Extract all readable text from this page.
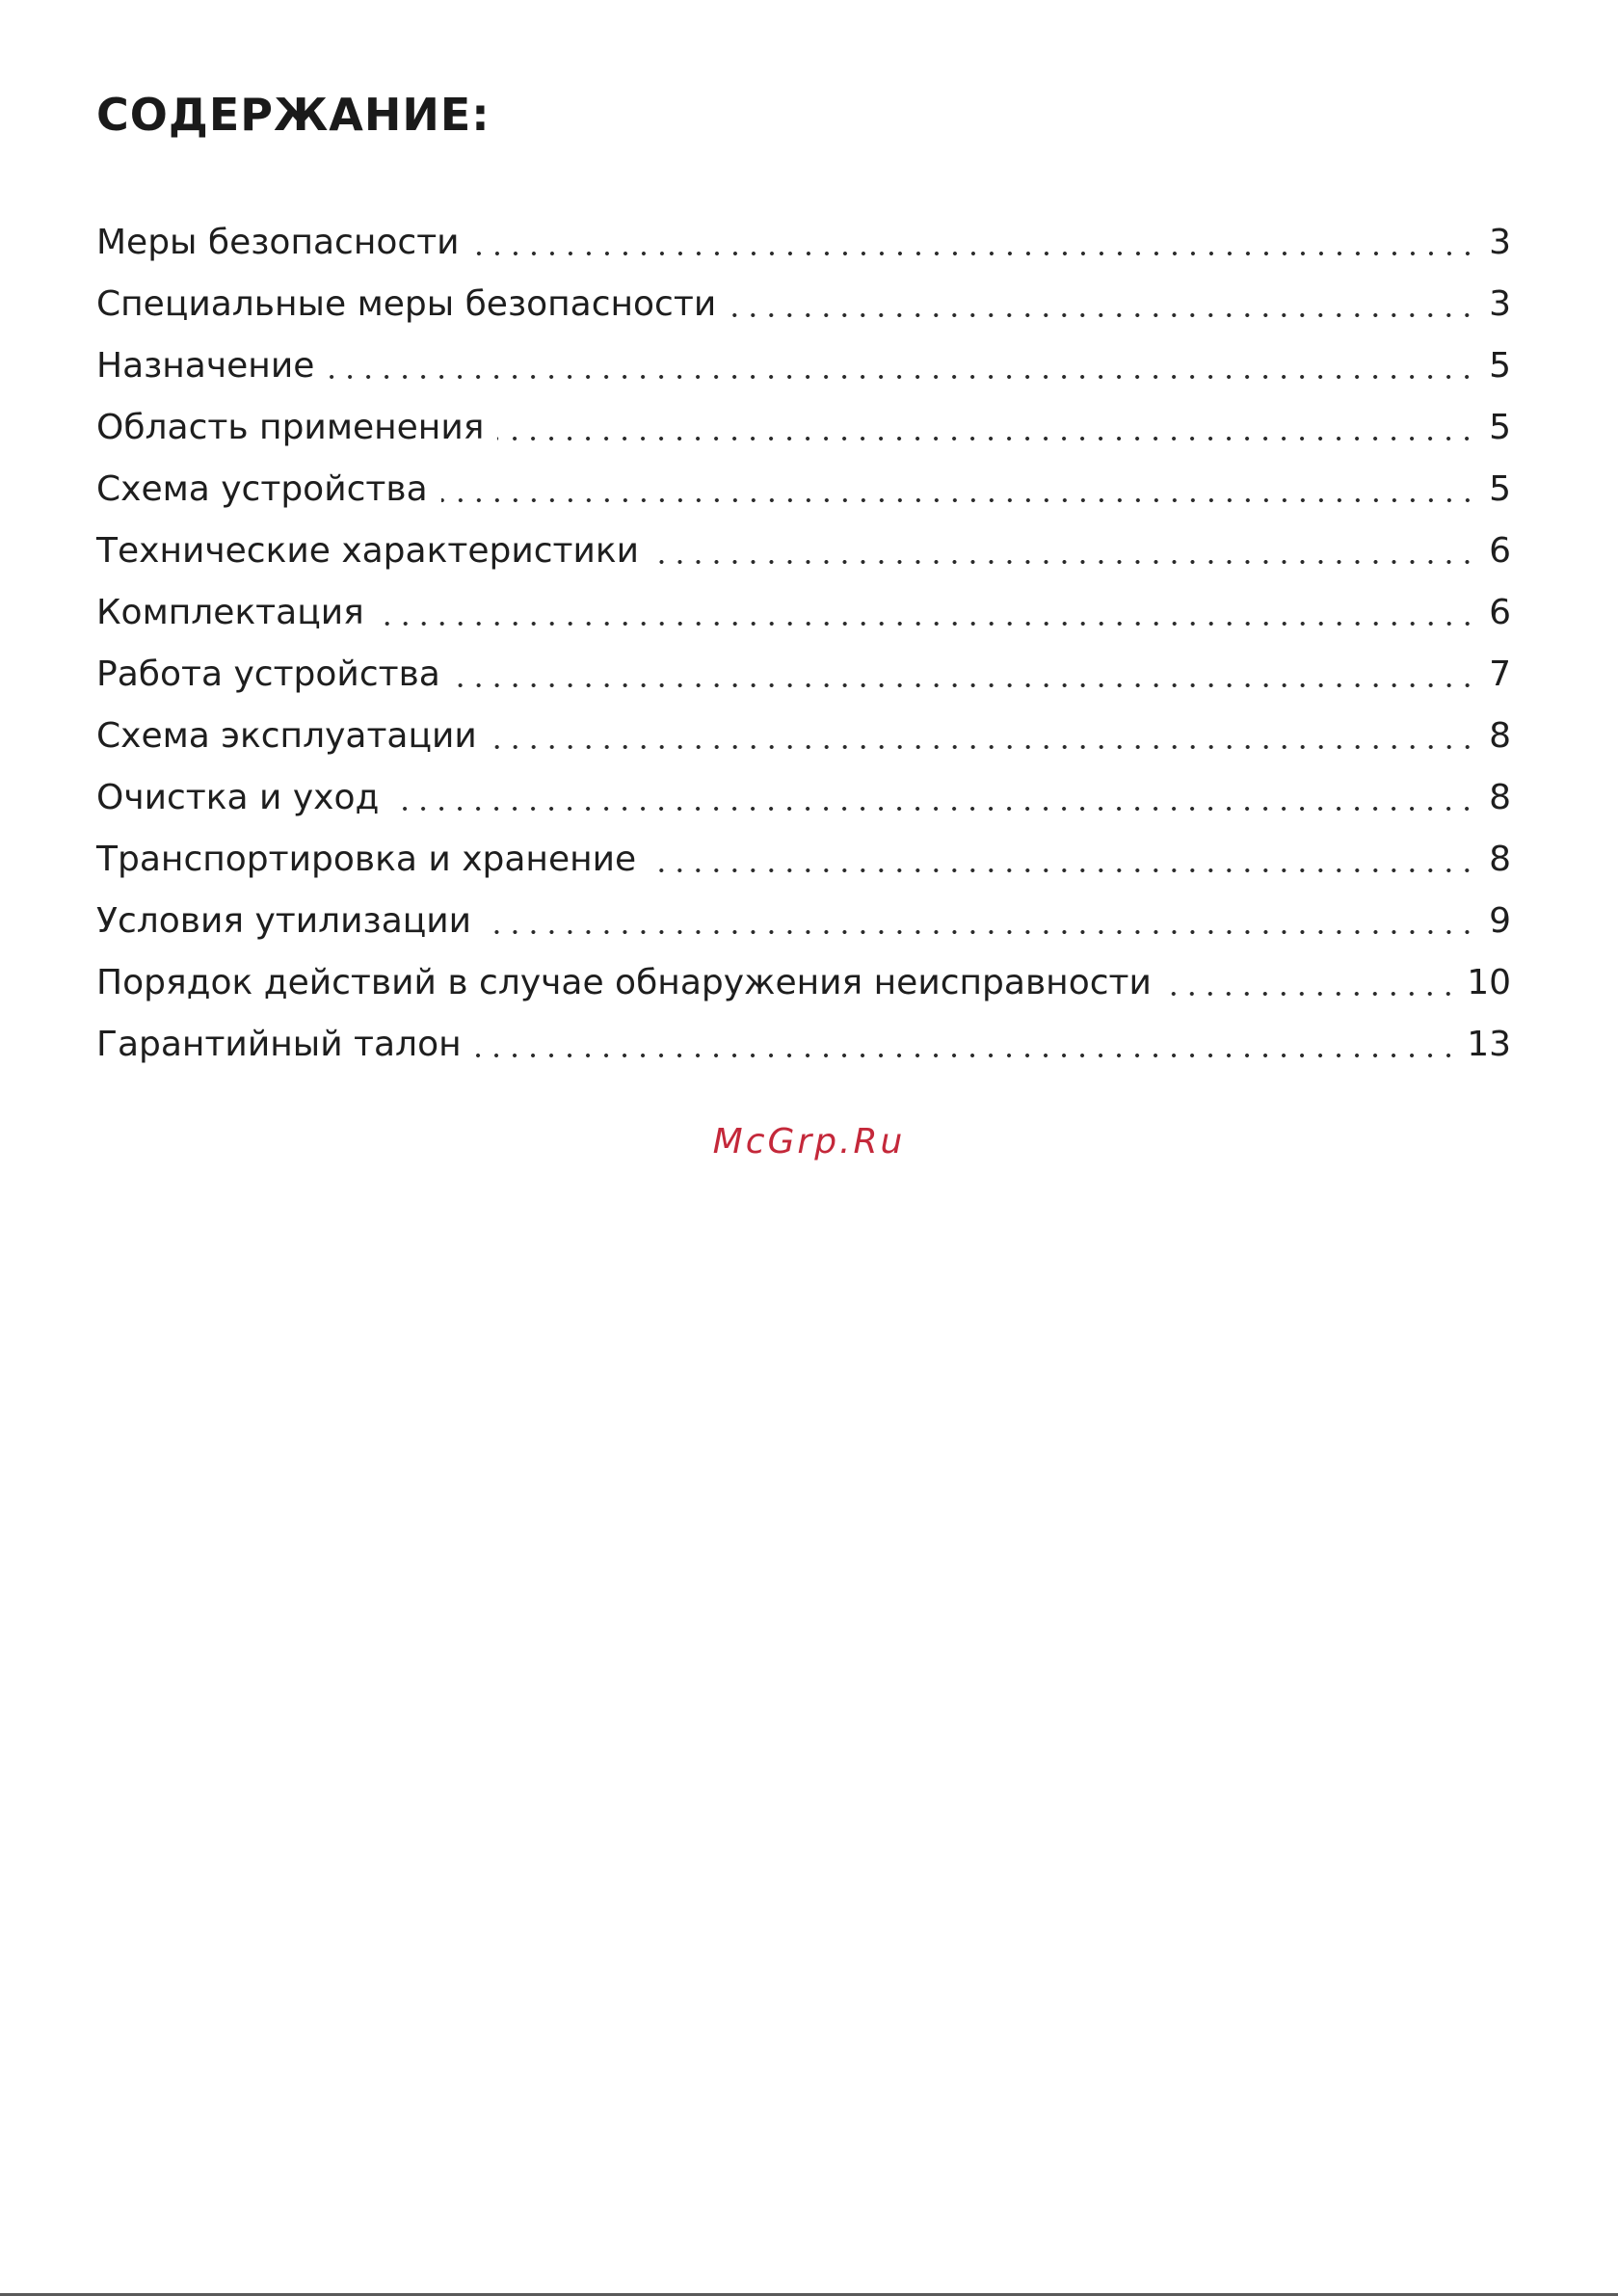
СОДЕРЖАНИЕ:
Меры безопасности	3
Специальные меры безопасности	3
Назначение	5
Область применения	5
Схема устройства	5
Технические характеристики	6
Комплектация	6
Работа устройства	7
Схема эксплуатации	8
Очистка и уход	8
Транспортировка и хранение	8
Условия утилизации	9
Порядок действий в случае обнаружения неисправности	10
Гарантийный талон	13
McGrp.Ru
